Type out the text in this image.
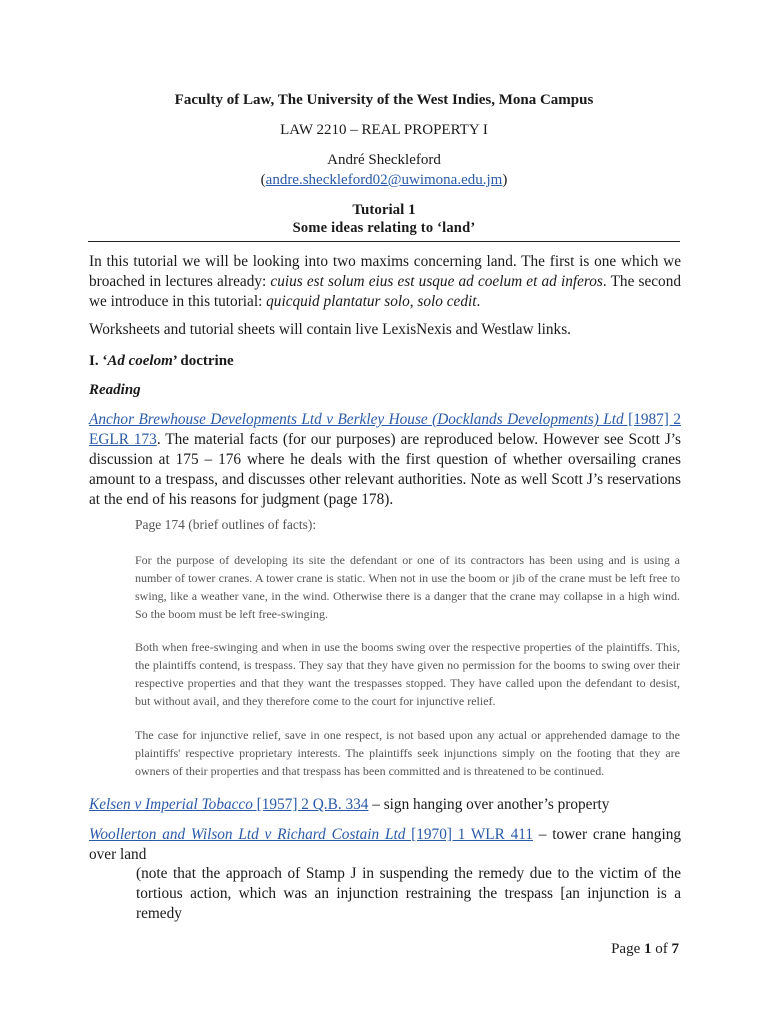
Faculty of Law, The University of the West Indies, Mona Campus
LAW 2210 – REAL PROPERTY I
André Sheckleford
(andre.sheckleford02@uwimona.edu.jm)
Tutorial 1
Some ideas relating to ‘land’
In this tutorial we will be looking into two maxims concerning land. The first is one which we broached in lectures already: cuius est solum eius est usque ad coelum et ad inferos. The second we introduce in this tutorial: quicquid plantatur solo, solo cedit.
Worksheets and tutorial sheets will contain live LexisNexis and Westlaw links.
I. ‘Ad coelom’ doctrine
Reading
Anchor Brewhouse Developments Ltd v Berkley House (Docklands Developments) Ltd [1987] 2 EGLR 173. The material facts (for our purposes) are reproduced below. However see Scott J’s discussion at 175 – 176 where he deals with the first question of whether oversailing cranes amount to a trespass, and discusses other relevant authorities. Note as well Scott J’s reservations at the end of his reasons for judgment (page 178).
Page 174 (brief outlines of facts):
For the purpose of developing its site the defendant or one of its contractors has been using and is using a number of tower cranes. A tower crane is static. When not in use the boom or jib of the crane must be left free to swing, like a weather vane, in the wind. Otherwise there is a danger that the crane may collapse in a high wind. So the boom must be left free-swinging.
Both when free-swinging and when in use the booms swing over the respective properties of the plaintiffs. This, the plaintiffs contend, is trespass. They say that they have given no permission for the booms to swing over their respective properties and that they want the trespasses stopped. They have called upon the defendant to desist, but without avail, and they therefore come to the court for injunctive relief.
The case for injunctive relief, save in one respect, is not based upon any actual or apprehended damage to the plaintiffs' respective proprietary interests. The plaintiffs seek injunctions simply on the footing that they are owners of their properties and that trespass has been committed and is threatened to be continued.
Kelsen v Imperial Tobacco [1957] 2 Q.B. 334 – sign hanging over another’s property
Woollerton and Wilson Ltd v Richard Costain Ltd [1970] 1 WLR 411 – tower crane hanging over land
(note that the approach of Stamp J in suspending the remedy due to the victim of the tortious action, which was an injunction restraining the trespass [an injunction is a remedy
Page 1 of 7
